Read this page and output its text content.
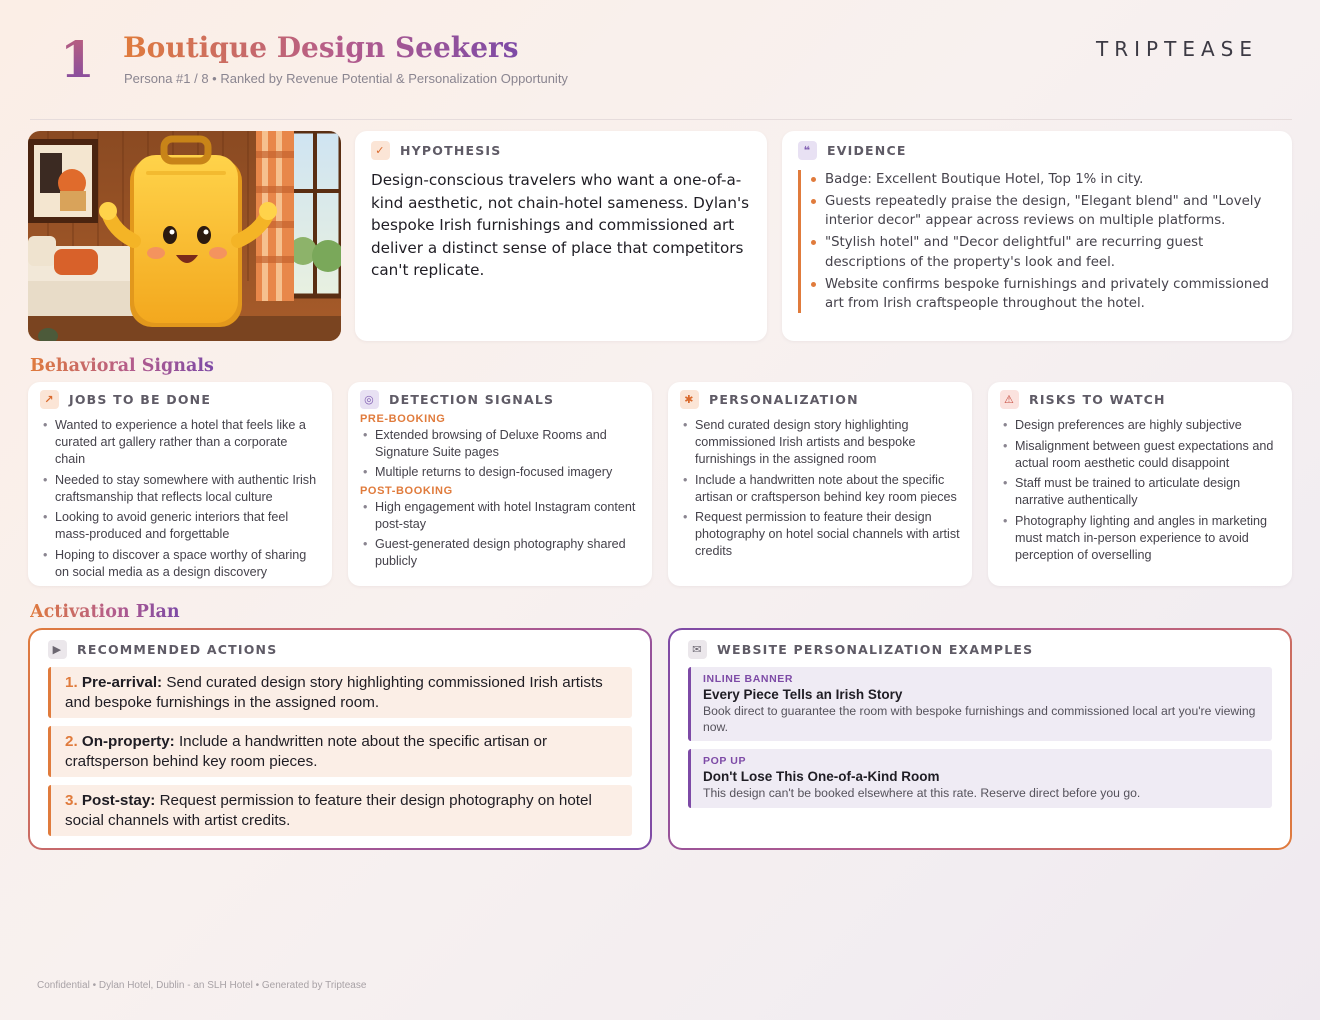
1 Boutique Design Seekers
Persona #1 / 8 • Ranked by Revenue Potential & Personalization Opportunity
TRIPTEASE
✓	HYPOTHESIS
Design-conscious travelers who want a one-of-a-kind aesthetic, not chain-hotel sameness. Dylan's bespoke Irish furnishings and commissioned art deliver a distinct sense of place that competitors can't replicate.
❝	EVIDENCE
Badge: Excellent Boutique Hotel, Top 1% in city.
Guests repeatedly praise the design, "Elegant blend" and "Lovely interior decor" appear across reviews on multiple platforms.
"Stylish hotel" and "Decor delightful" are recurring guest descriptions of the property's look and feel.
Website confirms bespoke furnishings and privately commissioned art from Irish craftspeople throughout the hotel.
Behavioral Signals
↗	JOBS TO BE DONE
• Wanted to experience a hotel that feels like a curated art gallery rather than a corporate chain
• Needed to stay somewhere with authentic Irish craftsmanship that reflects local culture
• Looking to avoid generic interiors that feel mass-produced and forgettable
• Hoping to discover a space worthy of sharing on social media as a design discovery
◎	DETECTION SIGNALS
PRE-BOOKING
• Extended browsing of Deluxe Rooms and Signature Suite pages
• Multiple returns to design-focused imagery
POST-BOOKING
• High engagement with hotel Instagram content post-stay
• Guest-generated design photography shared publicly
✱	PERSONALIZATION
• Send curated design story highlighting commissioned Irish artists and bespoke furnishings in the assigned room
• Include a handwritten note about the specific artisan or craftsperson behind key room pieces
• Request permission to feature their design photography on hotel social channels with artist credits
⚠	RISKS TO WATCH
• Design preferences are highly subjective
• Misalignment between guest expectations and actual room aesthetic could disappoint
• Staff must be trained to articulate design narrative authentically
• Photography lighting and angles in marketing must match in-person experience to avoid perception of overselling
Activation Plan
▶	RECOMMENDED ACTIONS
1. Pre-arrival: Send curated design story highlighting commissioned Irish artists and bespoke furnishings in the assigned room.
2. On-property: Include a handwritten note about the specific artisan or craftsperson behind key room pieces.
3. Post-stay: Request permission to feature their design photography on hotel social channels with artist credits.
✉	WEBSITE PERSONALIZATION EXAMPLES
INLINE BANNER
Every Piece Tells an Irish Story
Book direct to guarantee the room with bespoke furnishings and commissioned local art you're viewing now.
POP UP
Don't Lose This One-of-a-Kind Room
This design can't be booked elsewhere at this rate. Reserve direct before you go.
Confidential • Dylan Hotel, Dublin - an SLH Hotel • Generated by Triptease
